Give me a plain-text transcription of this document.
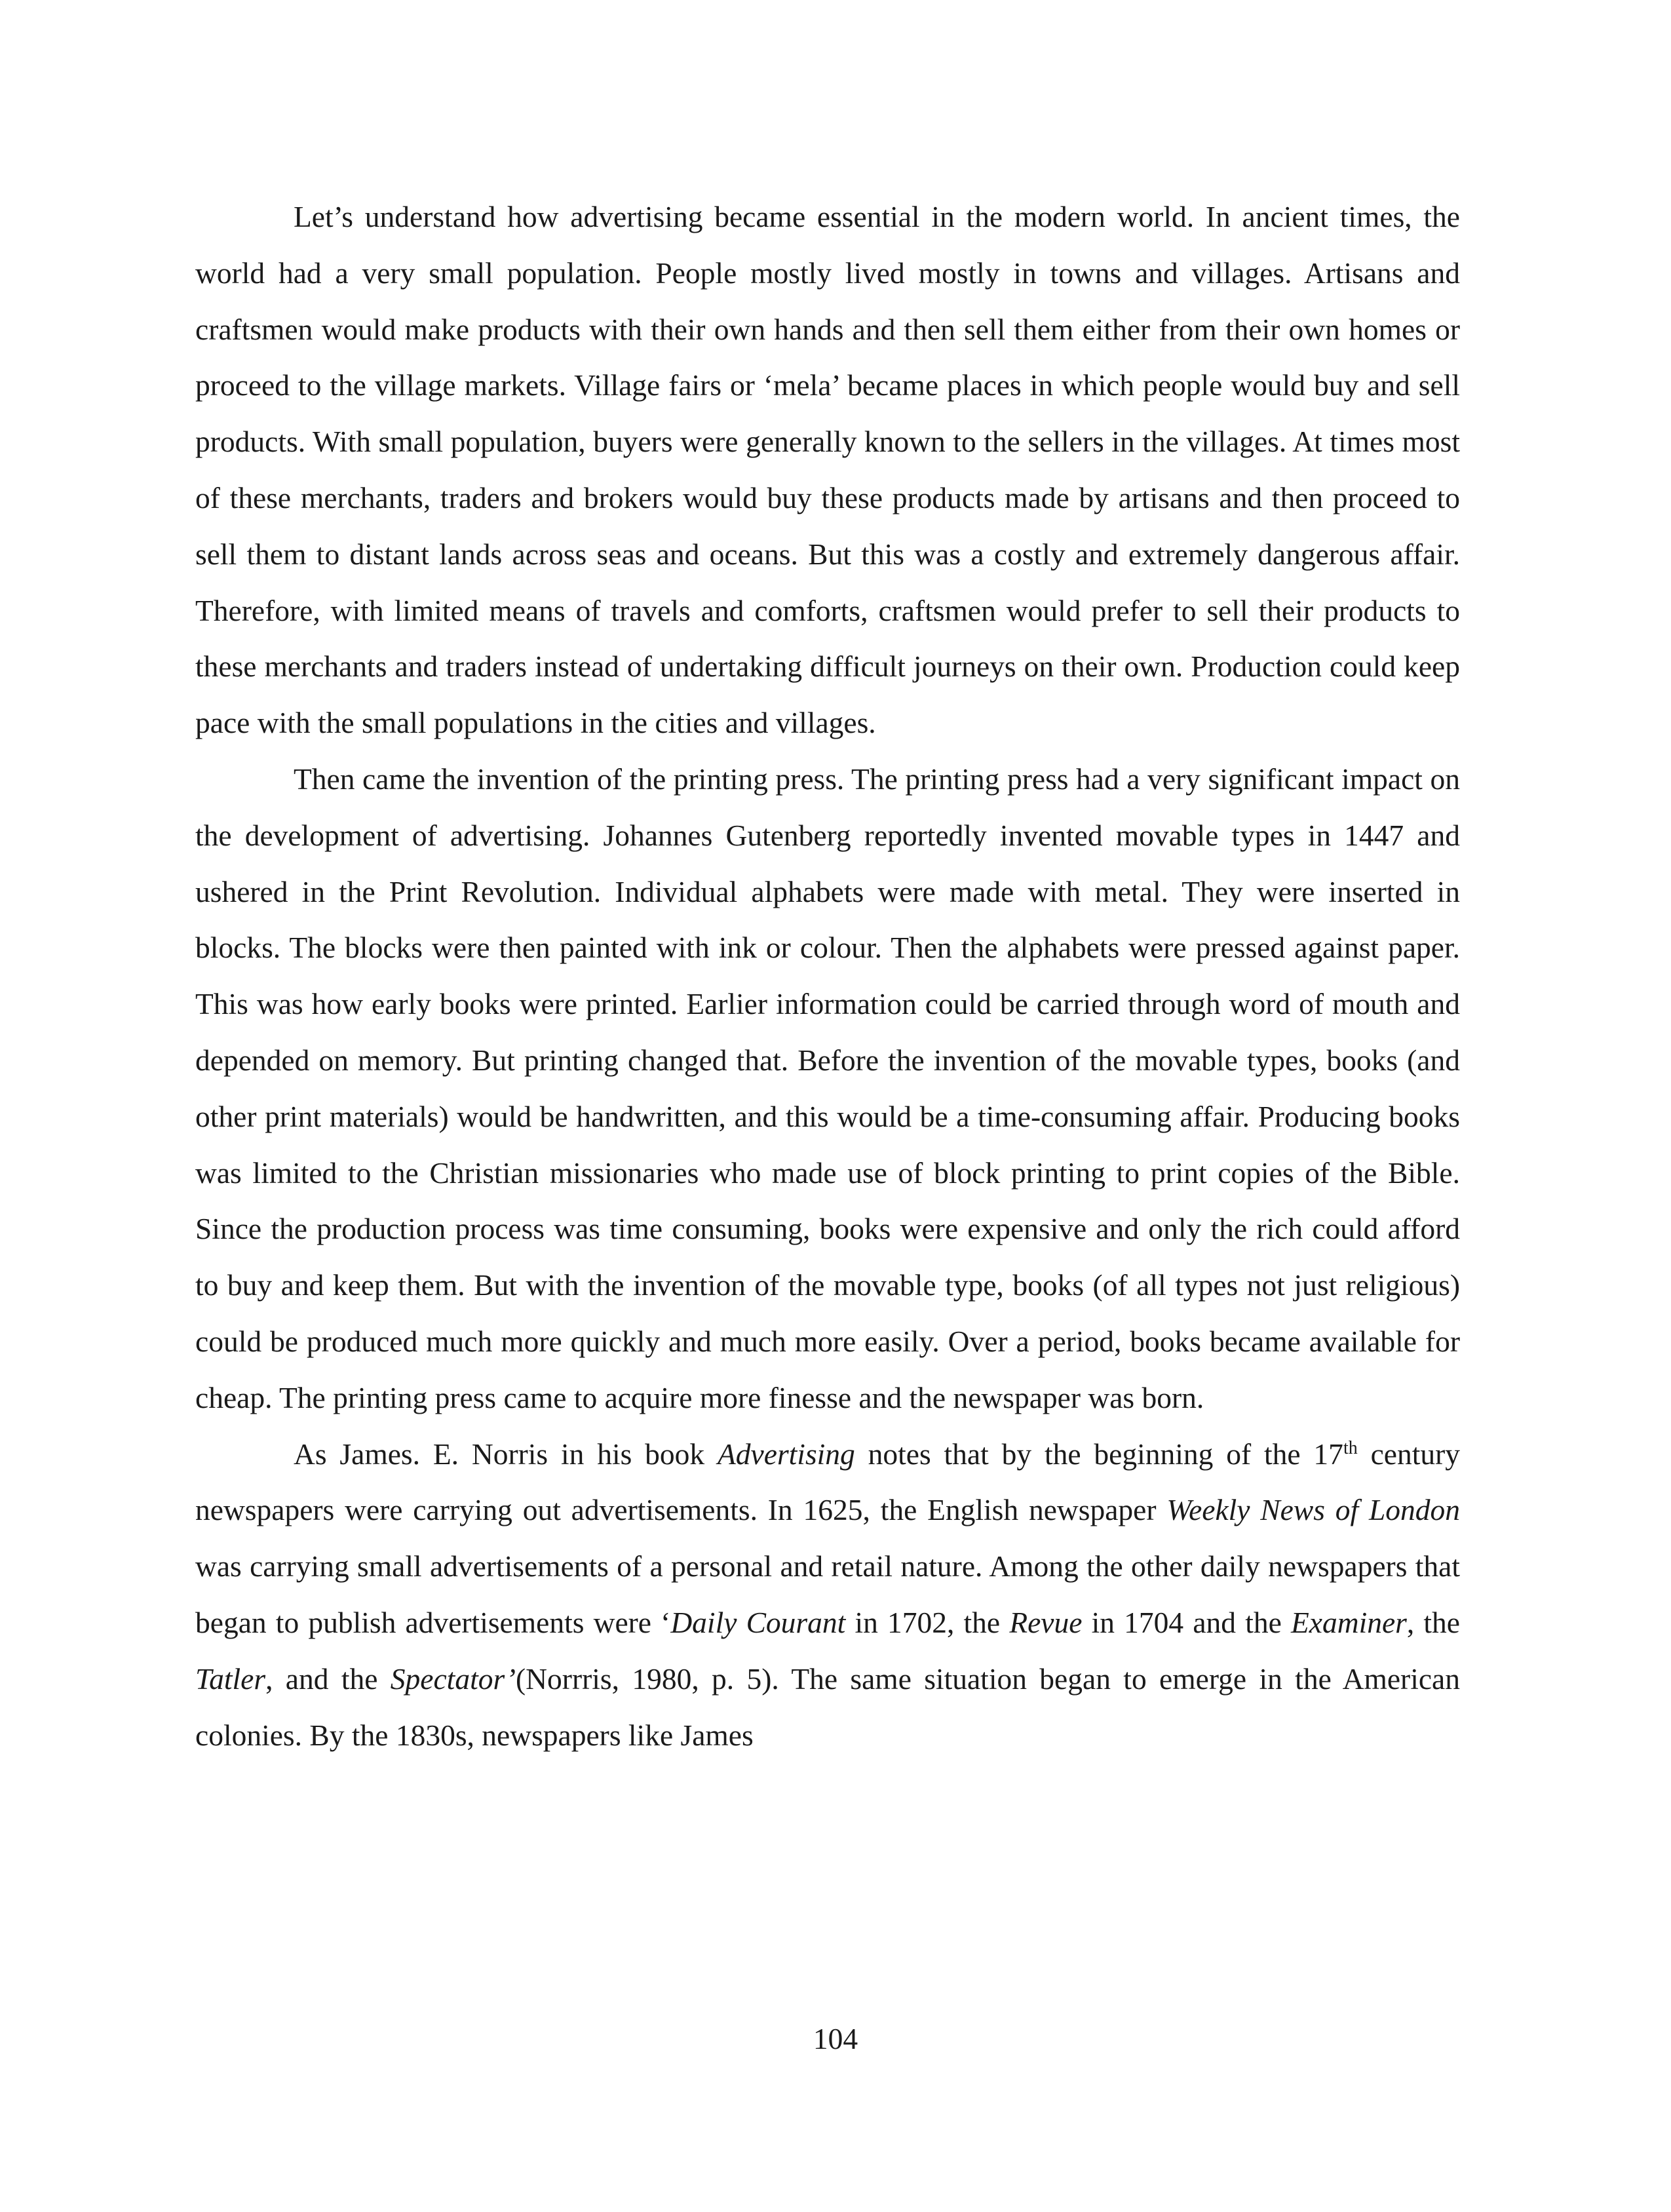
Let’s understand how advertising became essential in the modern world. In ancient times, the world had a very small population. People mostly lived mostly in towns and villages. Artisans and craftsmen would make products with their own hands and then sell them either from their own homes or proceed to the village markets. Village fairs or ‘mela’ became places in which people would buy and sell products. With small population, buyers were generally known to the sellers in the villages. At times most of these merchants, traders and brokers would buy these products made by artisans and then proceed to sell them to distant lands across seas and oceans. But this was a costly and extremely dangerous affair. Therefore, with limited means of travels and comforts, craftsmen would prefer to sell their products to these merchants and traders instead of undertaking difficult journeys on their own. Production could keep pace with the small populations in the cities and villages.

Then came the invention of the printing press. The printing press had a very significant impact on the development of advertising. Johannes Gutenberg reportedly invented movable types in 1447 and ushered in the Print Revolution. Individual alphabets were made with metal. They were inserted in blocks. The blocks were then painted with ink or colour. Then the alphabets were pressed against paper. This was how early books were printed. Earlier information could be carried through word of mouth and depended on memory. But printing changed that. Before the invention of the movable types, books (and other print materials) would be handwritten, and this would be a time-consuming affair. Producing books was limited to the Christian missionaries who made use of block printing to print copies of the Bible. Since the production process was time consuming, books were expensive and only the rich could afford to buy and keep them. But with the invention of the movable type, books (of all types not just religious) could be produced much more quickly and much more easily. Over a period, books became available for cheap. The printing press came to acquire more finesse and the newspaper was born.

As James. E. Norris in his book Advertising notes that by the beginning of the 17th century newspapers were carrying out advertisements. In 1625, the English newspaper Weekly News of London was carrying small advertisements of a personal and retail nature. Among the other daily newspapers that began to publish advertisements were ‘Daily Courant in 1702, the Revue in 1704 and the Examiner, the Tatler, and the Spectator’(Norrris, 1980, p. 5). The same situation began to emerge in the American colonies. By the 1830s, newspapers like James

104
